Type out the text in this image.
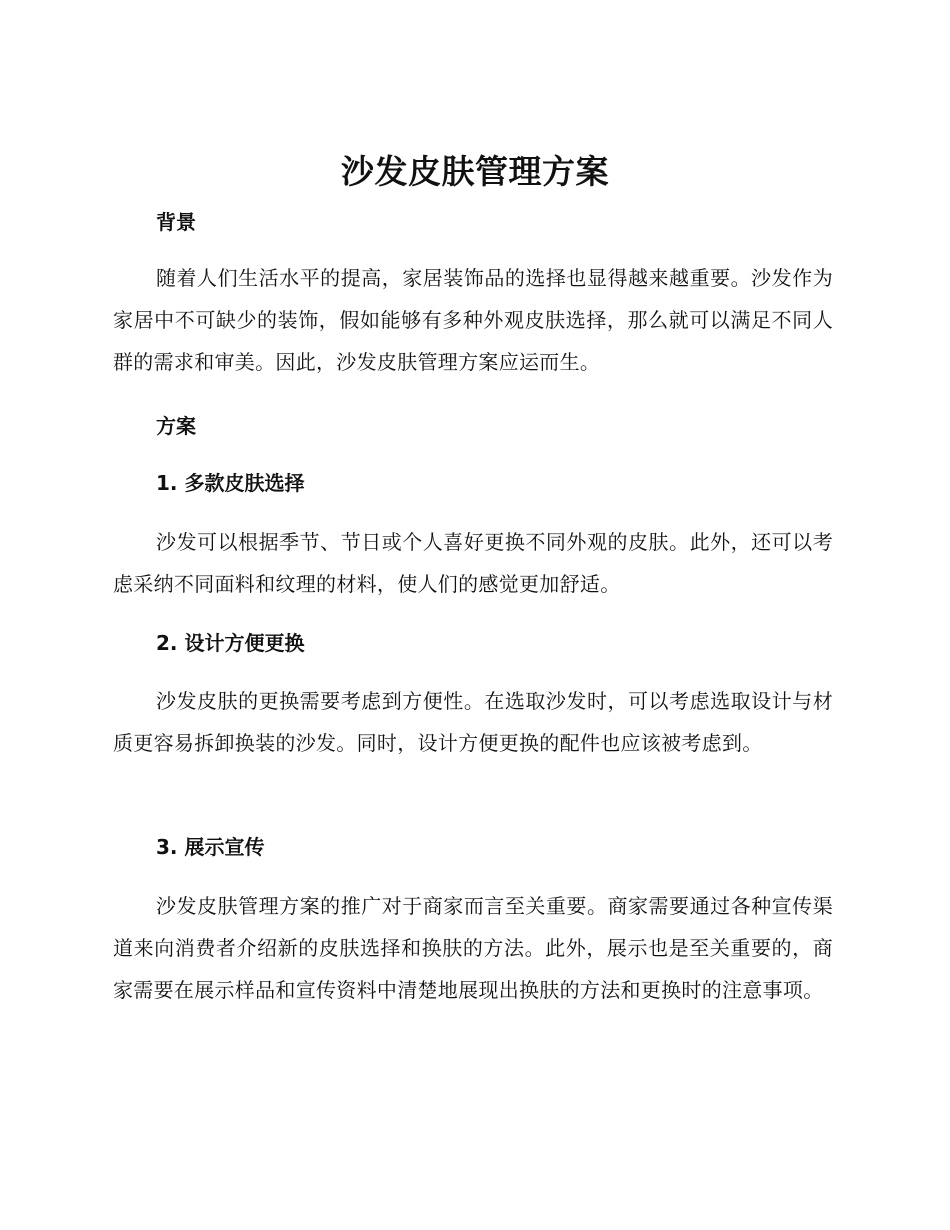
沙发皮肤管理方案
背景
随着人们生活水平的提高，家居装饰品的选择也显得越来越重要。沙发作为家居中不可缺少的装饰，假如能够有多种外观皮肤选择，那么就可以满足不同人群的需求和审美。因此，沙发皮肤管理方案应运而生。
方案
1. 多款皮肤选择
沙发可以根据季节、节日或个人喜好更换不同外观的皮肤。此外，还可以考虑采纳不同面料和纹理的材料，使人们的感觉更加舒适。
2. 设计方便更换
沙发皮肤的更换需要考虑到方便性。在选取沙发时，可以考虑选取设计与材质更容易拆卸换装的沙发。同时，设计方便更换的配件也应该被考虑到。
3. 展示宣传
沙发皮肤管理方案的推广对于商家而言至关重要。商家需要通过各种宣传渠道来向消费者介绍新的皮肤选择和换肤的方法。此外，展示也是至关重要的，商家需要在展示样品和宣传资料中清楚地展现出换肤的方法和更换时的注意事项。
